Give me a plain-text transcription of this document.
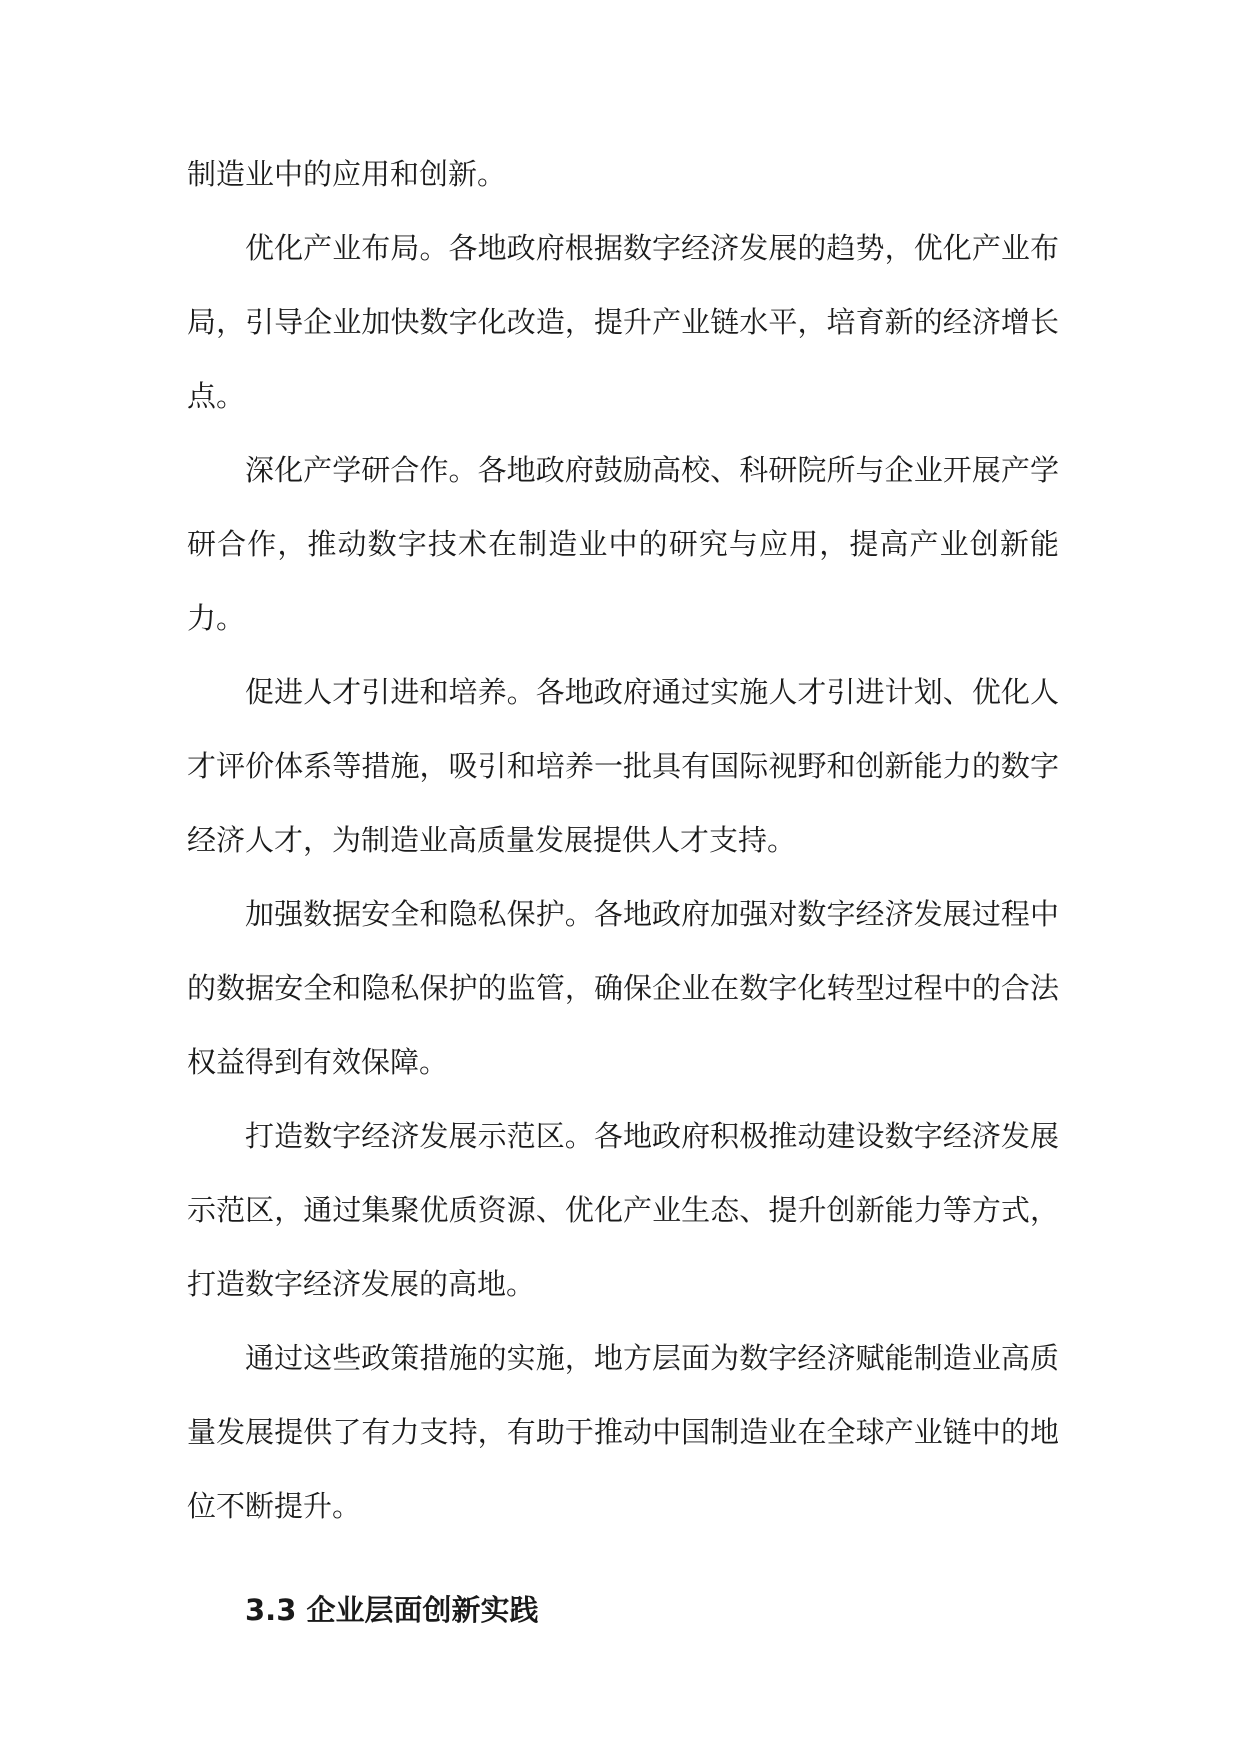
制造业中的应用和创新。

优化产业布局。各地政府根据数字经济发展的趋势，优化产业布局，引导企业加快数字化改造，提升产业链水平，培育新的经济增长点。

深化产学研合作。各地政府鼓励高校、科研院所与企业开展产学研合作，推动数字技术在制造业中的研究与应用，提高产业创新能力。

促进人才引进和培养。各地政府通过实施人才引进计划、优化人才评价体系等措施，吸引和培养一批具有国际视野和创新能力的数字经济人才，为制造业高质量发展提供人才支持。

加强数据安全和隐私保护。各地政府加强对数字经济发展过程中的数据安全和隐私保护的监管，确保企业在数字化转型过程中的合法权益得到有效保障。

打造数字经济发展示范区。各地政府积极推动建设数字经济发展示范区，通过集聚优质资源、优化产业生态、提升创新能力等方式，打造数字经济发展的高地。

通过这些政策措施的实施，地方层面为数字经济赋能制造业高质量发展提供了有力支持，有助于推动中国制造业在全球产业链中的地位不断提升。

3.3 企业层面创新实践
